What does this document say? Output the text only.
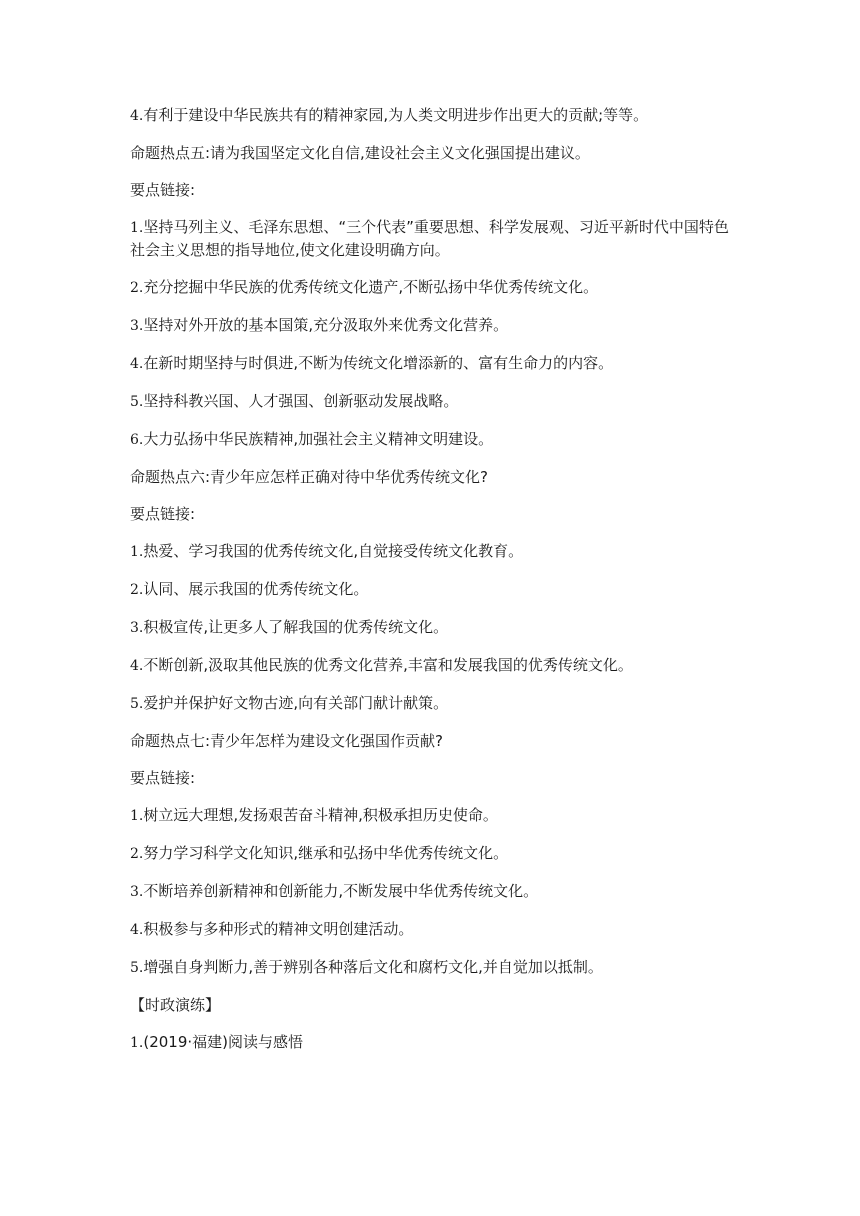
4.有利于建设中华民族共有的精神家园,为人类文明进步作出更大的贡献;等等。

命题热点五:请为我国坚定文化自信,建设社会主义文化强国提出建议。

要点链接:

1.坚持马列主义、毛泽东思想、“三个代表”重要思想、科学发展观、习近平新时代中国特色社会主义思想的指导地位,使文化建设明确方向。

2.充分挖掘中华民族的优秀传统文化遗产,不断弘扬中华优秀传统文化。

3.坚持对外开放的基本国策,充分汲取外来优秀文化营养。

4.在新时期坚持与时俱进,不断为传统文化增添新的、富有生命力的内容。

5.坚持科教兴国、人才强国、创新驱动发展战略。

6.大力弘扬中华民族精神,加强社会主义精神文明建设。

命题热点六:青少年应怎样正确对待中华优秀传统文化?

要点链接:

1.热爱、学习我国的优秀传统文化,自觉接受传统文化教育。

2.认同、展示我国的优秀传统文化。

3.积极宣传,让更多人了解我国的优秀传统文化。

4.不断创新,汲取其他民族的优秀文化营养,丰富和发展我国的优秀传统文化。

5.爱护并保护好文物古迹,向有关部门献计献策。

命题热点七:青少年怎样为建设文化强国作贡献?

要点链接:

1.树立远大理想,发扬艰苦奋斗精神,积极承担历史使命。

2.努力学习科学文化知识,继承和弘扬中华优秀传统文化。

3.不断培养创新精神和创新能力,不断发展中华优秀传统文化。

4.积极参与多种形式的精神文明创建活动。

5.增强自身判断力,善于辨别各种落后文化和腐朽文化,并自觉加以抵制。

【时政演练】

1.(2019·福建)阅读与感悟
